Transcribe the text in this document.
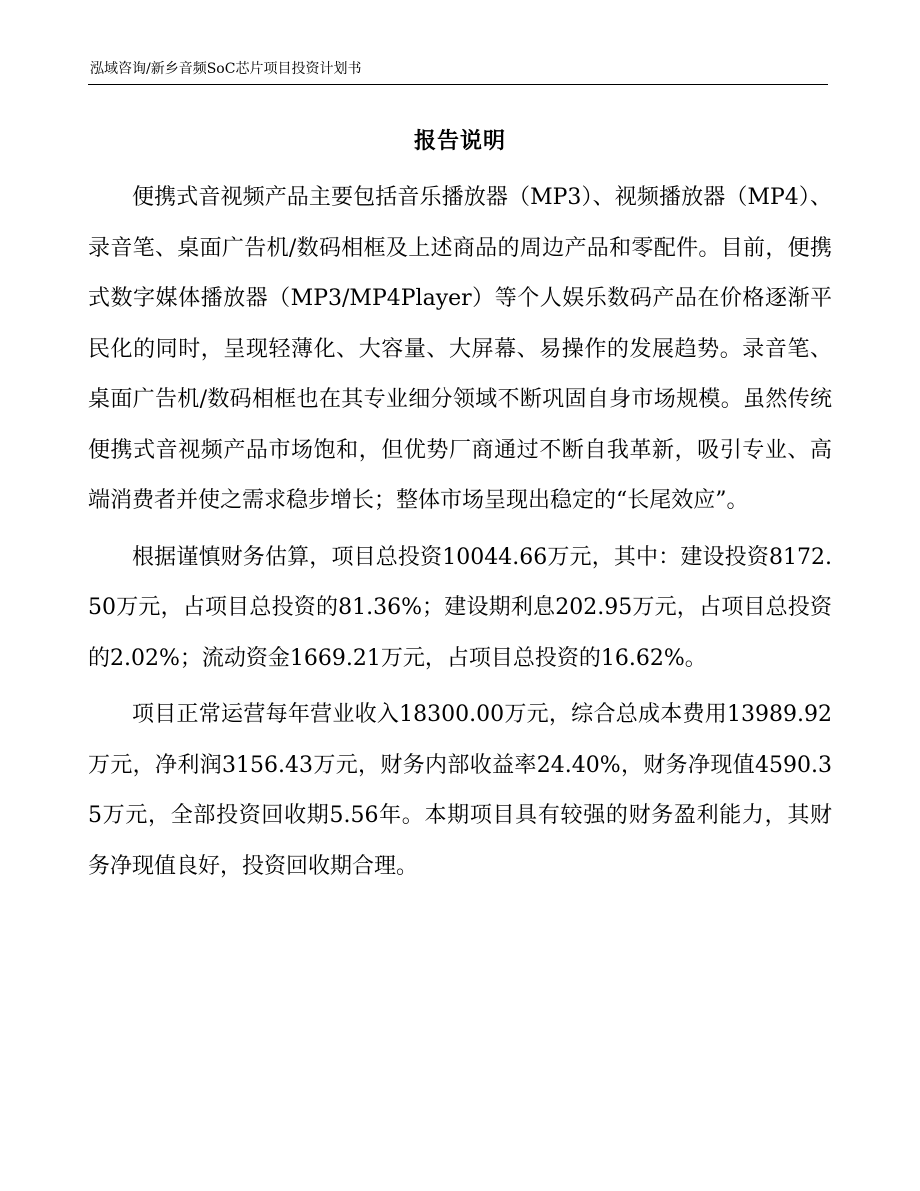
泓域咨询/新乡音频SoC芯片项目投资计划书
报告说明

便携式音视频产品主要包括音乐播放器（MP3）、视频播放器（MP4）、录音笔、桌面广告机/数码相框及上述商品的周边产品和零配件。目前，便携式数字媒体播放器（MP3/MP4Player）等个人娱乐数码产品在价格逐渐平民化的同时，呈现轻薄化、大容量、大屏幕、易操作的发展趋势。录音笔、桌面广告机/数码相框也在其专业细分领域不断巩固自身市场规模。虽然传统便携式音视频产品市场饱和，但优势厂商通过不断自我革新，吸引专业、高端消费者并使之需求稳步增长；整体市场呈现出稳定的“长尾效应”。

根据谨慎财务估算，项目总投资10044.66万元，其中：建设投资8172.50万元，占项目总投资的81.36%；建设期利息202.95万元，占项目总投资的2.02%；流动资金1669.21万元，占项目总投资的16.62%。

项目正常运营每年营业收入18300.00万元，综合总成本费用13989.92万元，净利润3156.43万元，财务内部收益率24.40%，财务净现值4590.35万元，全部投资回收期5.56年。本期项目具有较强的财务盈利能力，其财务净现值良好，投资回收期合理。
